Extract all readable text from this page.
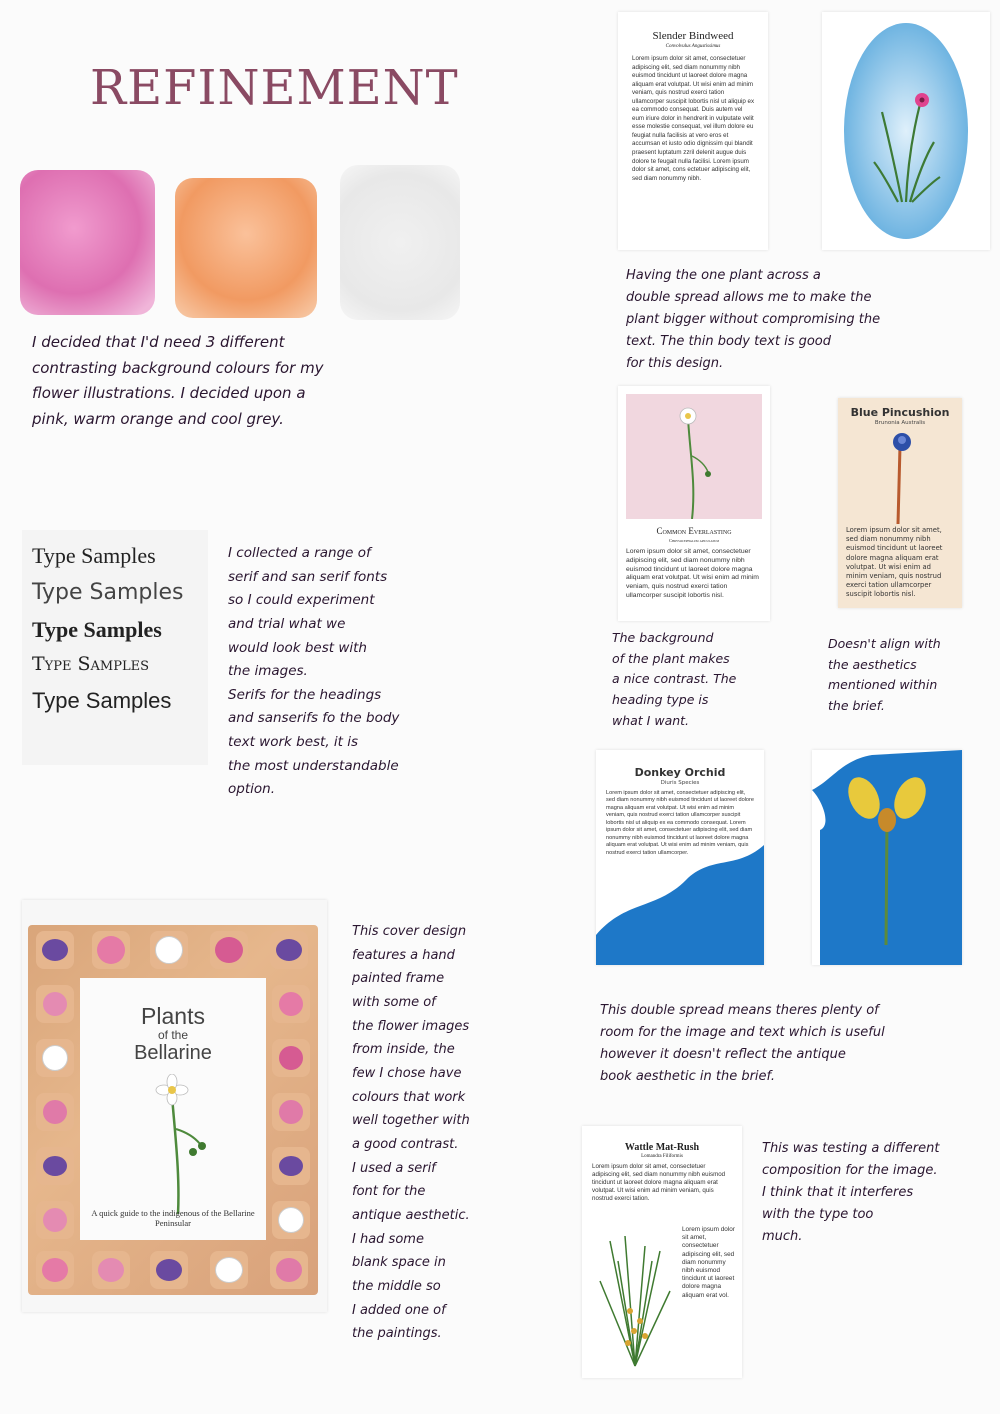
REFINEMENT
I decided that I'd need 3 different
contrasting background colours for my
flower illustrations. I decided upon a
pink, warm orange and cool grey.
Type Samples
Type Samples
Type Samples
Type Samples
Type Samples
I collected a range of
serif and san serif fonts
so I could experiment
and trial what we
would look best with
the images.
Serifs for the headings
and sanserifs fo the body
text work best, it is
the most understandable
option.
Plants
of the
Bellarine
A quick guide to the indigenous of the Bellarine Peninsular
This cover design
features a hand
painted frame
with some of
the flower images
from inside, the
few I chose have
colours that work
well together with
a good contrast.
I used a serif
font for the
antique aesthetic.
I had some
blank space in
the middle so
I added one of
the paintings.
Slender Bindweed
Convolvulus Angustissimus
Lorem ipsum dolor sit amet, consectetuer adipiscing elit, sed diam nonummy nibh euismod tincidunt ut laoreet dolore magna aliquam erat volutpat. Ut wisi enim ad minim veniam, quis nostrud exerci tation ullamcorper suscipit lobortis nisl ut aliquip ex ea commodo consequat. Duis autem vel eum iriure dolor in hendrerit in vulputate velit esse molestie consequat, vel illum dolore eu feugiat nulla facilisis at vero eros et accumsan et iusto odio dignissim qui blandit praesent luptatum zzril delenit augue duis dolore te feugait nulla facilisi. Lorem ipsum dolor sit amet, cons ectetuer adipiscing elit, sed diam nonummy nibh.
Having the one plant across a
double spread allows me to make the
plant bigger without compromising the
text. The thin body text is good
for this design.
Common Everlasting
Chrysocephalum apiculatum
Lorem ipsum dolor sit amet, consectetuer adipiscing elit, sed diam nonummy nibh euismod tincidunt ut laoreet dolore magna aliquam erat volutpat. Ut wisi enim ad minim veniam, quis nostrud exerci tation ullamcorper suscipit lobortis nisl.
The background
of the plant makes
a nice contrast. The
heading type is
what I want.
Blue Pincushion
Brunonia Australis
Lorem ipsum dolor sit amet, sed diam nonummy nibh euismod tincidunt ut laoreet dolore magna aliquam erat volutpat. Ut wisi enim ad minim veniam, quis nostrud exerci tation ullamcorper suscipit lobortis nisl.
Doesn't align with
the aesthetics
mentioned within
the brief.
Donkey Orchid
Diuris Species
Lorem ipsum dolor sit amet, consectetuer adipiscing elit, sed diam nonummy nibh euismod tincidunt ut laoreet dolore magna aliquam erat volutpat. Ut wisi enim ad minim veniam, quis nostrud exerci tation ullamcorper suscipit lobortis nisl ut aliquip ex ea commodo consequat. Lorem ipsum dolor sit amet, consectetuer adipiscing elit, sed diam nonummy nibh euismod tincidunt ut laoreet dolore magna aliquam erat volutpat. Ut wisi enim ad minim veniam, quis nostrud exerci tation ullamcorper.
This double spread means theres plenty of
room for the image and text which is useful
however it doesn't reflect the antique
book aesthetic in the brief.
Wattle Mat-Rush
Lomandra Filiformis
Lorem ipsum dolor sit amet, consectetuer adipiscing elit, sed diam nonummy nibh euismod tincidunt ut laoreet dolore magna aliquam erat volutpat. Ut wisi enim ad minim veniam, quis nostrud exerci tation.
Lorem ipsum dolor sit amet, consectetuer adipiscing elit, sed diam nonummy nibh euismod tincidunt ut laoreet dolore magna aliquam erat vol.
This was testing a different
composition for the image.
I think that it interferes
with the type too
much.
